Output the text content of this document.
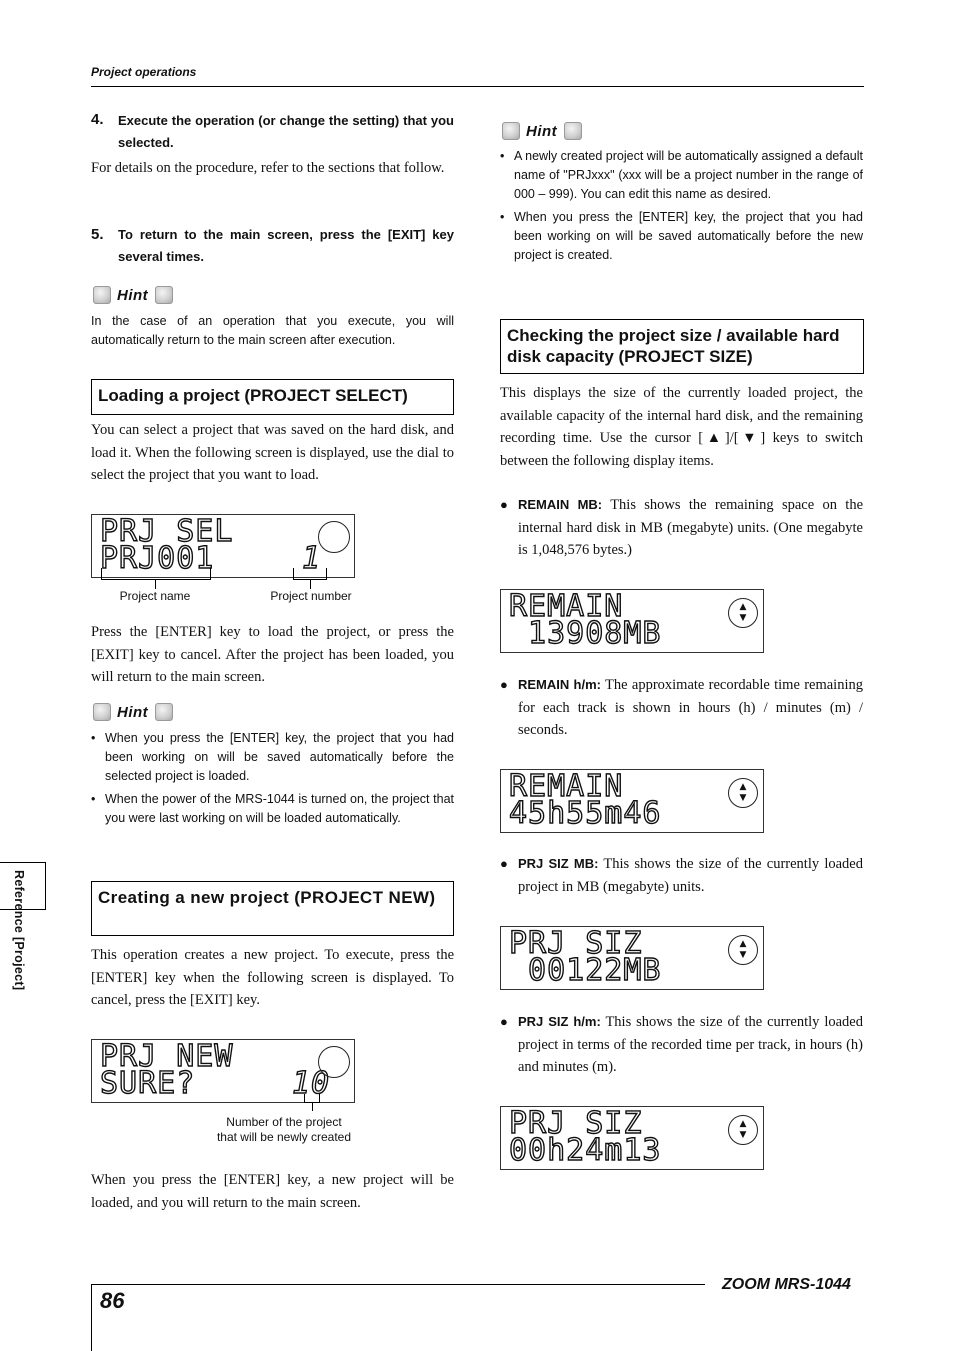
Project operations
4. Execute the operation (or change the setting) that you selected.
For details on the procedure, refer to the sections that follow.
5. To return to the main screen, press the [EXIT] key several times.
Hint
In the case of an operation that you execute, you will automatically return to the main screen after execution.
Loading a project (PROJECT SELECT)
You can select a project that was saved on the hard disk, and load it. When the following screen is displayed, use the dial to select the project that you want to load.
PRJ SEL
PRJ001	1
Project name	Project number
Press the [ENTER] key to load the project, or press the [EXIT] key to cancel. After the project has been loaded, you will return to the main screen.
Hint
• When you press the [ENTER] key, the project that you had been working on will be saved automatically before the selected project is loaded.
• When the power of the MRS-1044 is turned on, the project that you were last working on will be loaded automatically.
Creating a new project (PROJECT NEW)
This operation creates a new project. To execute, press the [ENTER] key when the following screen is displayed. To cancel, press the [EXIT] key.
PRJ NEW
SURE?	10
Number of the project
that will be newly created
When you press the [ENTER] key, a new project will be loaded, and you will return to the main screen.
Hint
• A newly created project will be automatically assigned a default name of "PRJxxx" (xxx will be a project number in the range of 000 – 999). You can edit this name as desired.
• When you press the [ENTER] key, the project that you had been working on will be saved automatically before the new project is created.
Checking the project size / available hard disk capacity (PROJECT SIZE)
This displays the size of the currently loaded project, the available capacity of the internal hard disk, and the remaining recording time. Use the cursor [▲]/[▼] keys to switch between the following display items.
● REMAIN MB: This shows the remaining space on the internal hard disk in MB (megabyte) units. (One megabyte is 1,048,576 bytes.)
REMAIN
13908MB
▲
▼
● REMAIN h/m: The approximate recordable time remaining for each track is shown in hours (h) / minutes (m) / seconds.
REMAIN
45h55m46
▲
▼
● PRJ SIZ MB: This shows the size of the currently loaded project in MB (megabyte) units.
PRJ SIZ
00122MB
▲
▼
● PRJ SIZ h/m: This shows the size of the currently loaded project in terms of the recorded time per track, in hours (h) and minutes (m).
PRJ SIZ
00h24m13
▲
▼
Reference [Project]
86
ZOOM MRS-1044
